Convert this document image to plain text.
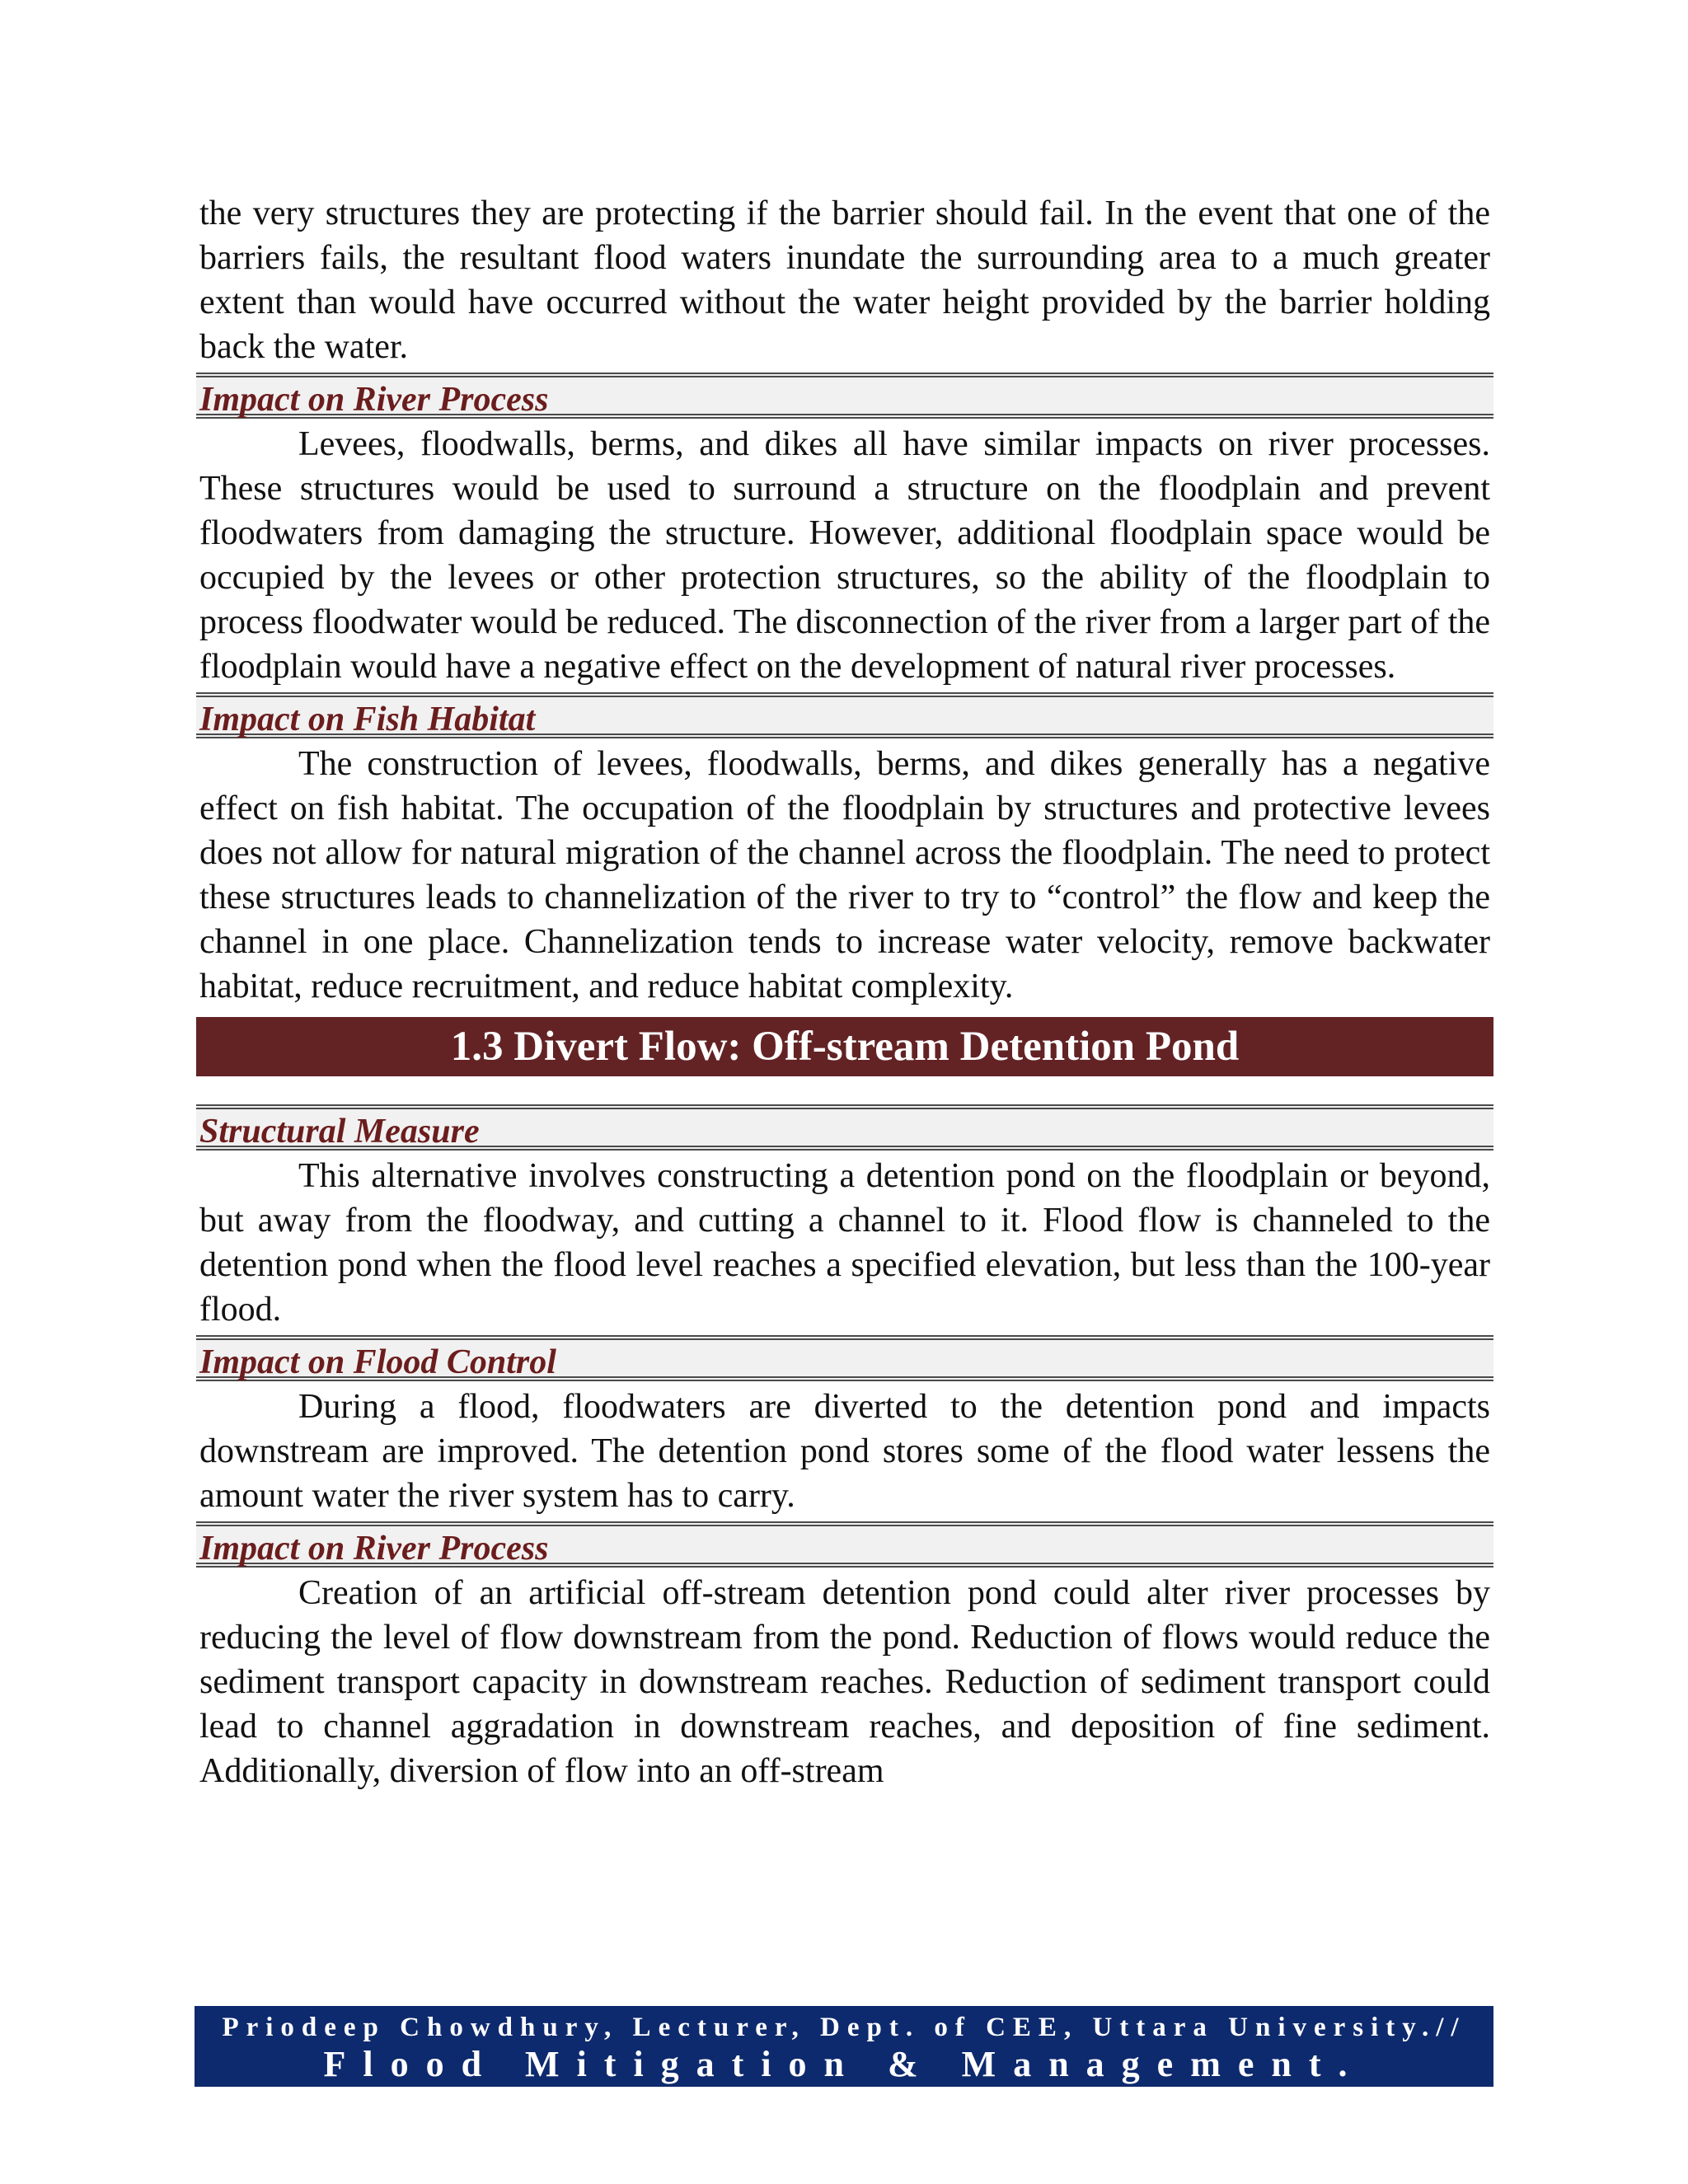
the very structures they are protecting if the barrier should fail. In the event that one of the barriers fails, the resultant flood waters inundate the surrounding area to a much greater extent than would have occurred without the water height provided by the barrier holding back the water.

Impact on River Process

Levees, floodwalls, berms, and dikes all have similar impacts on river processes. These structures would be used to surround a structure on the floodplain and prevent floodwaters from damaging the structure. However, additional floodplain space would be occupied by the levees or other protection structures, so the ability of the floodplain to process floodwater would be reduced. The disconnection of the river from a larger part of the floodplain would have a negative effect on the development of natural river processes.

Impact on Fish Habitat

The construction of levees, floodwalls, berms, and dikes generally has a negative effect on fish habitat. The occupation of the floodplain by structures and protective levees does not allow for natural migration of the channel across the floodplain. The need to protect these structures leads to channelization of the river to try to “control” the flow and keep the channel in one place. Channelization tends to increase water velocity, remove backwater habitat, reduce recruitment, and reduce habitat complexity.

1.3 Divert Flow: Off-stream Detention Pond
Structural Measure

This alternative involves constructing a detention pond on the floodplain or beyond, but away from the floodway, and cutting a channel to it. Flood flow is channeled to the detention pond when the flood level reaches a specified elevation, but less than the 100-year flood.

Impact on Flood Control

During a flood, floodwaters are diverted to the detention pond and impacts downstream are improved. The detention pond stores some of the flood water lessens the amount water the river system has to carry.

Impact on River Process

Creation of an artificial off-stream detention pond could alter river processes by reducing the level of flow downstream from the pond. Reduction of flows would reduce the sediment transport capacity in downstream reaches. Reduction of sediment transport could lead to channel aggradation in downstream reaches, and deposition of fine sediment. Additionally, diversion of flow into an off-stream

Priodeep Chowdhury, Lecturer, Dept. of CEE, Uttara University.//
Flood Mitigation & Management.
